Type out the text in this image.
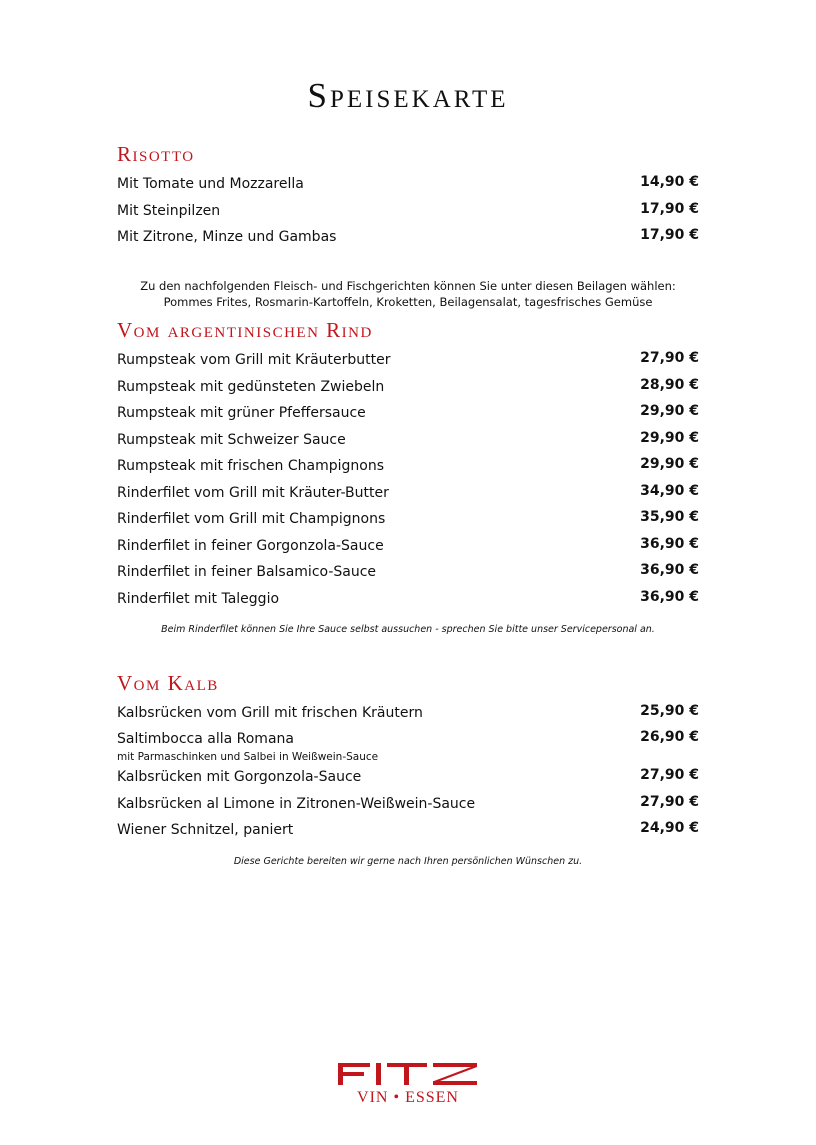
Speisekarte
Risotto
Mit Tomate und Mozzarella	14,90 €
Mit Steinpilzen	17,90 €
Mit Zitrone, Minze und Gambas	17,90 €
Zu den nachfolgenden Fleisch- und Fischgerichten können Sie unter diesen Beilagen wählen:
Pommes Frites, Rosmarin-Kartoffeln, Kroketten, Beilagensalat, tagesfrisches Gemüse
Vom argentinischen Rind
Rumpsteak vom Grill mit Kräuterbutter	27,90 €
Rumpsteak mit gedünsteten Zwiebeln	28,90 €
Rumpsteak mit grüner Pfeffersauce	29,90 €
Rumpsteak mit Schweizer Sauce	29,90 €
Rumpsteak mit frischen Champignons	29,90 €
Rinderfilet vom Grill mit Kräuter-Butter	34,90 €
Rinderfilet vom Grill mit Champignons	35,90 €
Rinderfilet in feiner Gorgonzola-Sauce	36,90 €
Rinderfilet in feiner Balsamico-Sauce	36,90 €
Rinderfilet mit Taleggio	36,90 €
Beim Rinderfilet können Sie Ihre Sauce selbst aussuchen - sprechen Sie bitte unser Servicepersonal an.
Vom Kalb
Kalbsrücken vom Grill mit frischen Kräutern	25,90 €
Saltimbocca alla Romana	26,90 €
mit Parmaschinken und Salbei in Weißwein-Sauce
Kalbsrücken mit Gorgonzola-Sauce	27,90 €
Kalbsrücken al Limone in Zitronen-Weißwein-Sauce	27,90 €
Wiener Schnitzel, paniert	24,90 €
Diese Gerichte bereiten wir gerne nach Ihren persönlichen Wünschen zu.
VIN • ESSEN
